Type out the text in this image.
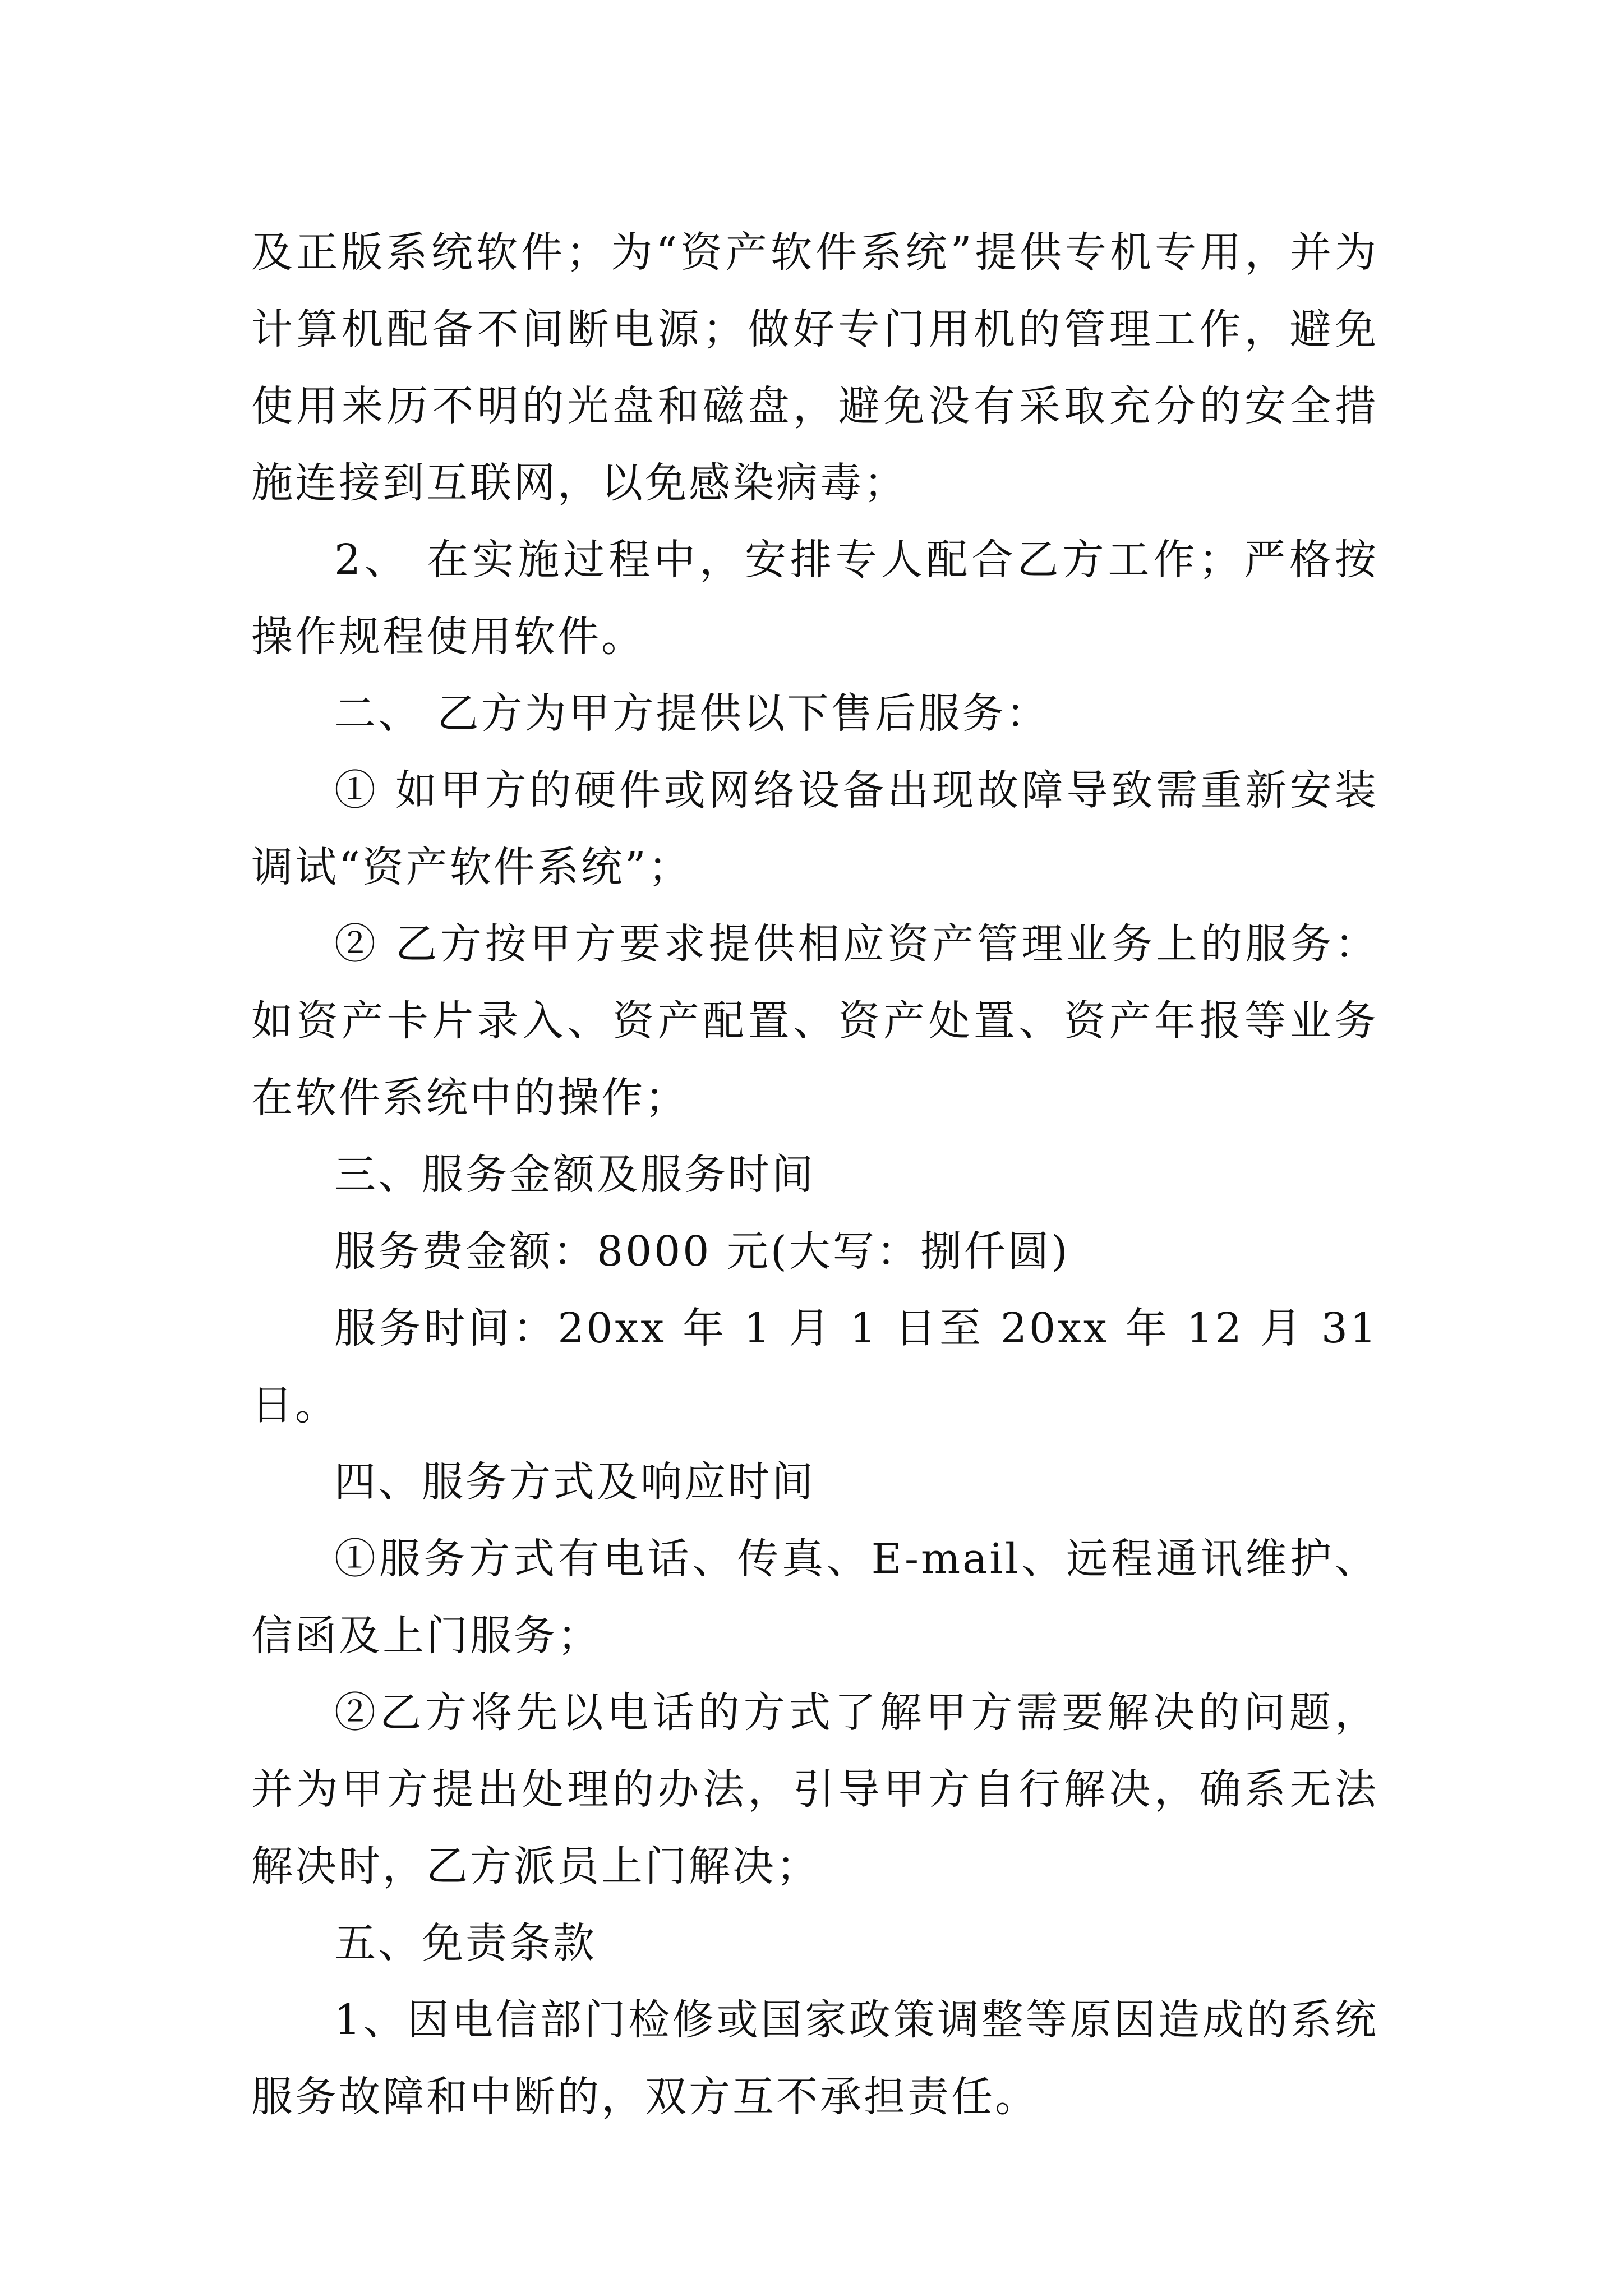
及正版系统软件；为“资产软件系统”提供专机专用，并为计算机配备不间断电源；做好专门用机的管理工作，避免使用来历不明的光盘和磁盘，避免没有采取充分的安全措施连接到互联网，以免感染病毒；

2、 在实施过程中，安排专人配合乙方工作；严格按操作规程使用软件。

二、 乙方为甲方提供以下售后服务：

① 如甲方的硬件或网络设备出现故障导致需重新安装调试“资产软件系统”；

② 乙方按甲方要求提供相应资产管理业务上的服务：如资产卡片录入、资产配置、资产处置、资产年报等业务在软件系统中的操作；

三、服务金额及服务时间

服务费金额：8000 元(大写：捌仟圆)

服务时间：20xx 年 1 月 1 日至 20xx 年 12 月 31 日。

四、服务方式及响应时间

①服务方式有电话、传真、E-mail、远程通讯维护、信函及上门服务；

②乙方将先以电话的方式了解甲方需要解决的问题，并为甲方提出处理的办法，引导甲方自行解决，确系无法解决时，乙方派员上门解决；

五、免责条款

1、因电信部门检修或国家政策调整等原因造成的系统服务故障和中断的，双方互不承担责任。
